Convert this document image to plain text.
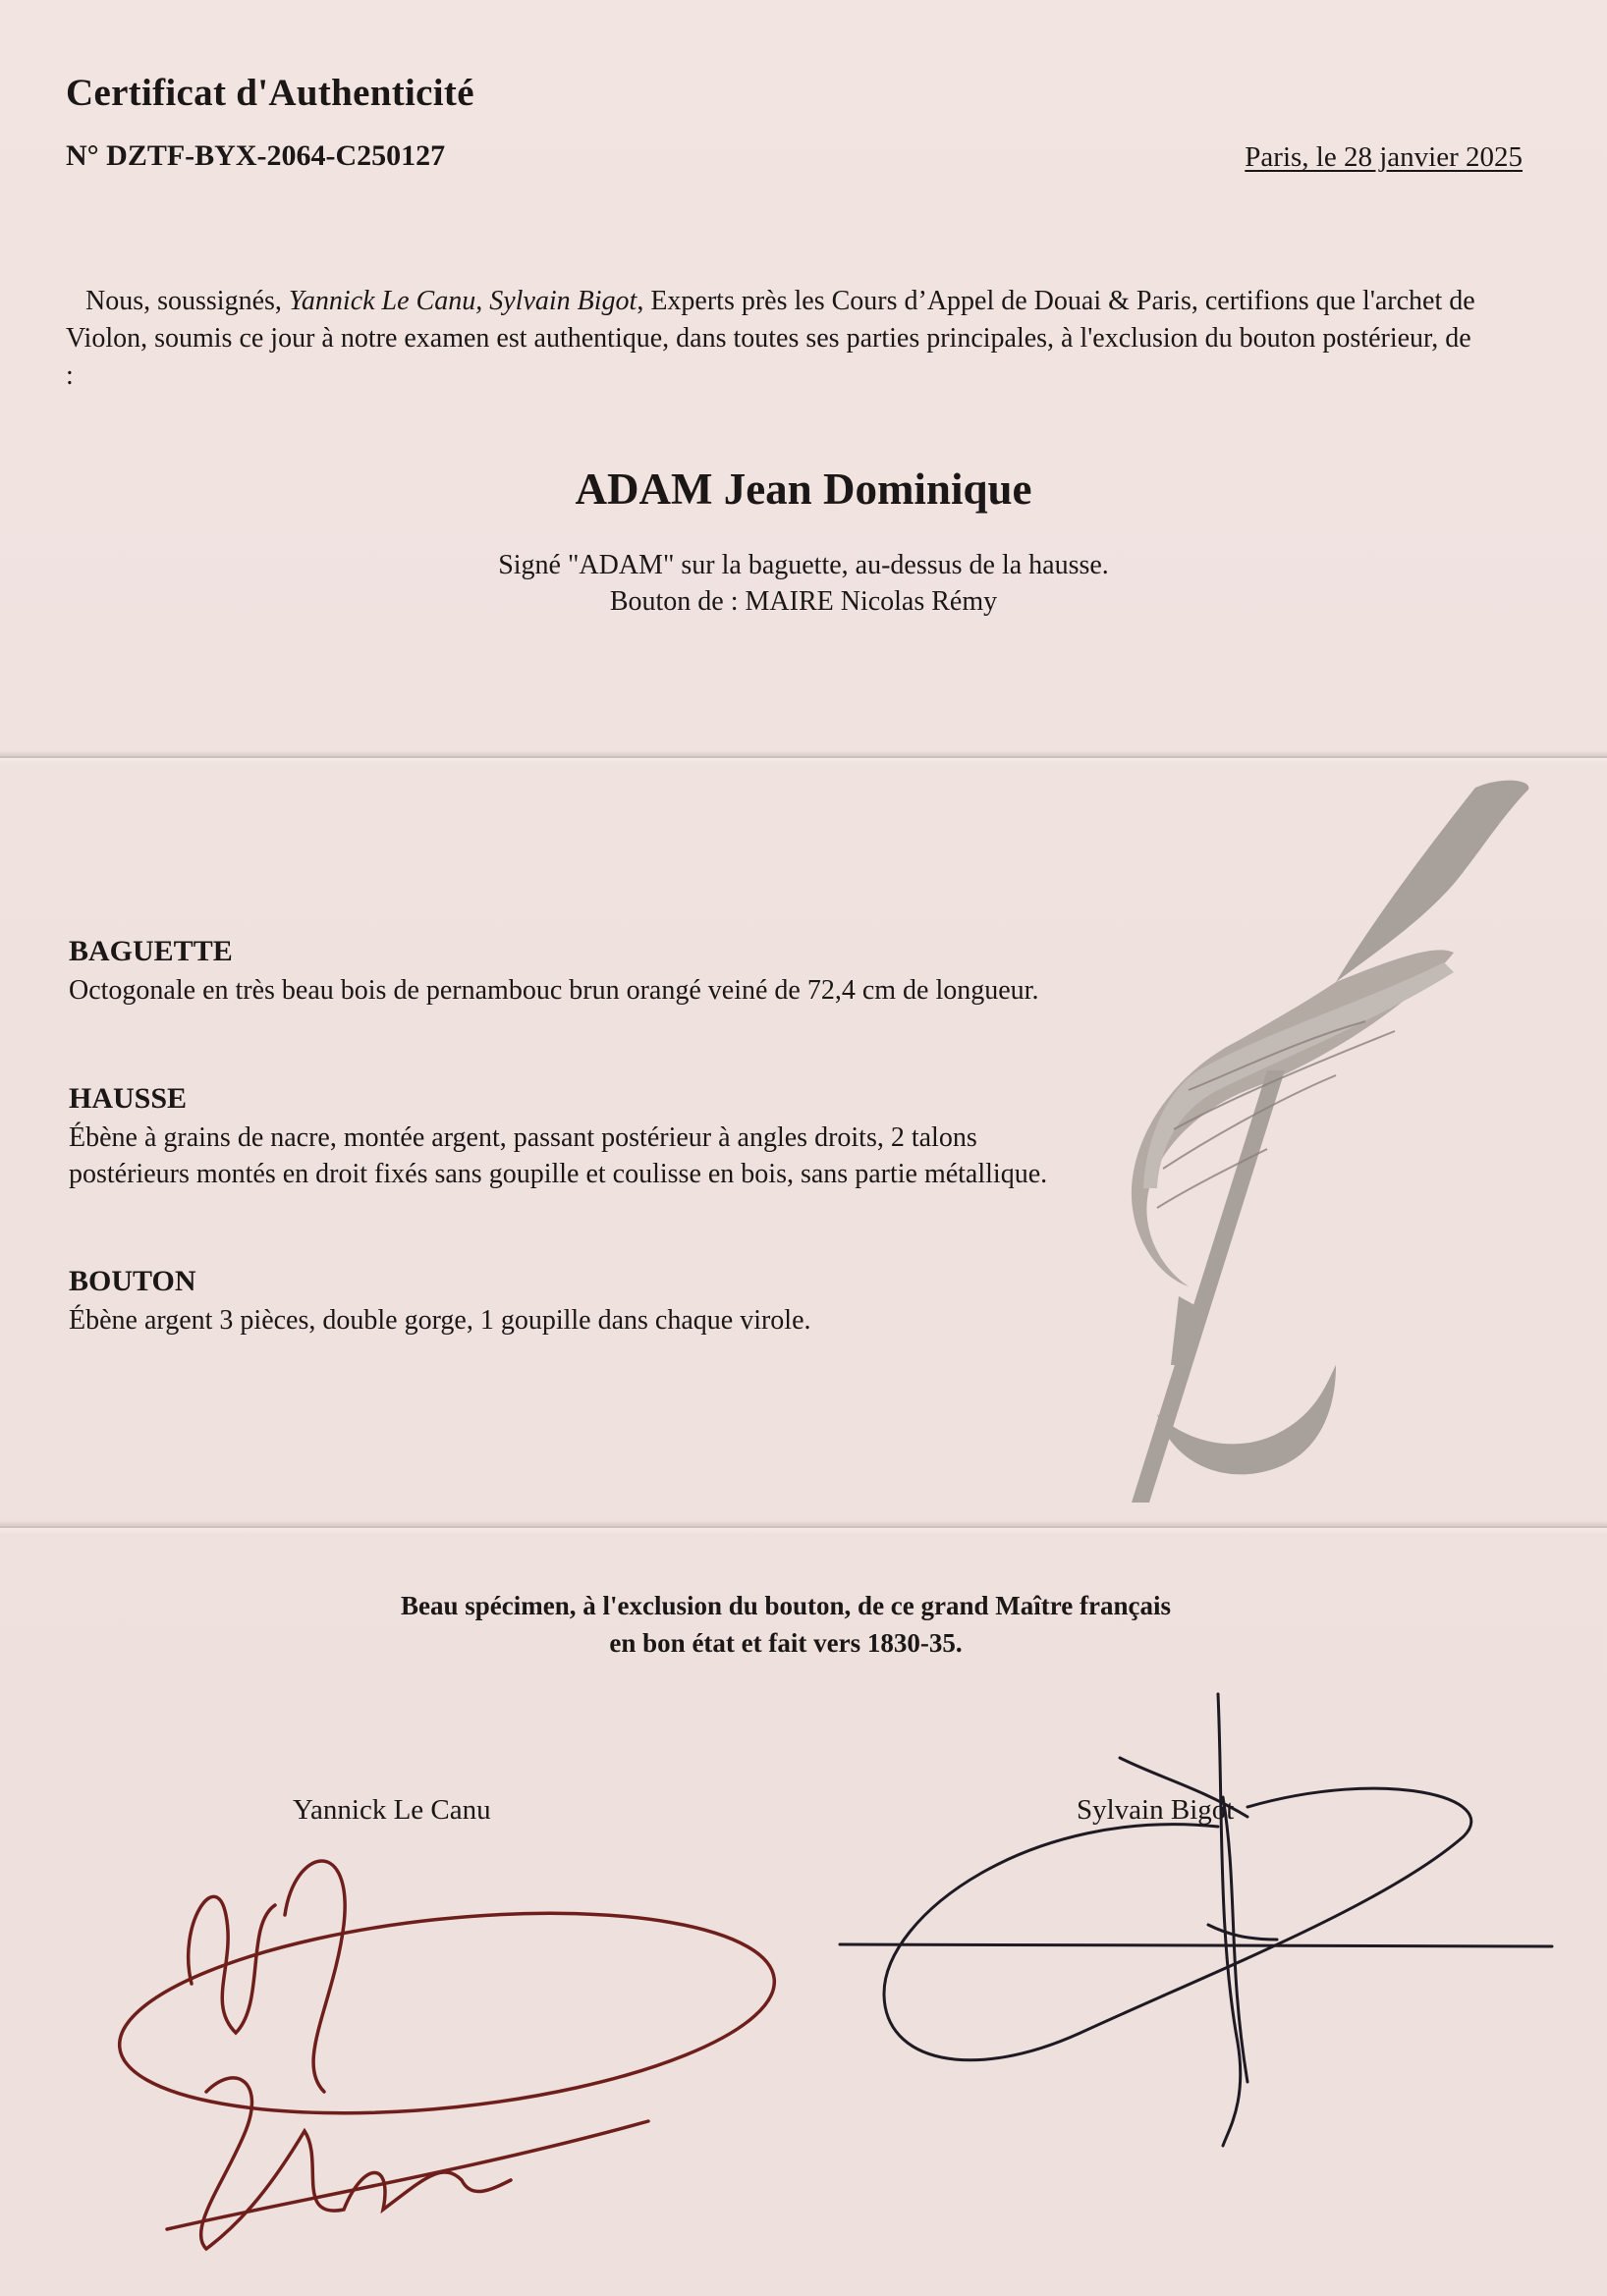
Certificat d'Authenticité
N° DZTF-BYX-2064-C250127	Paris, le 28 janvier 2025
Nous, soussignés, Yannick Le Canu, Sylvain Bigot, Experts près les Cours d’Appel de Douai & Paris, certifions que l'archet de Violon, soumis ce jour à notre examen est authentique, dans toutes ses parties principales, à l'exclusion du bouton postérieur, de :
ADAM Jean Dominique
Signé "ADAM" sur la baguette, au-dessus de la hausse.
Bouton de : MAIRE Nicolas Rémy
BAGUETTE
Octogonale en très beau bois de pernambouc brun orangé veiné de 72,4 cm de longueur.
HAUSSE
Ébène à grains de nacre, montée argent, passant postérieur à angles droits, 2 talons postérieurs montés en droit fixés sans goupille et coulisse en bois, sans partie métallique.
BOUTON
Ébène argent 3 pièces, double gorge, 1 goupille dans chaque virole.
Beau spécimen, à l'exclusion du bouton, de ce grand Maître français
en bon état et fait vers 1830-35.
Yannick Le Canu	Sylvain Bigot
